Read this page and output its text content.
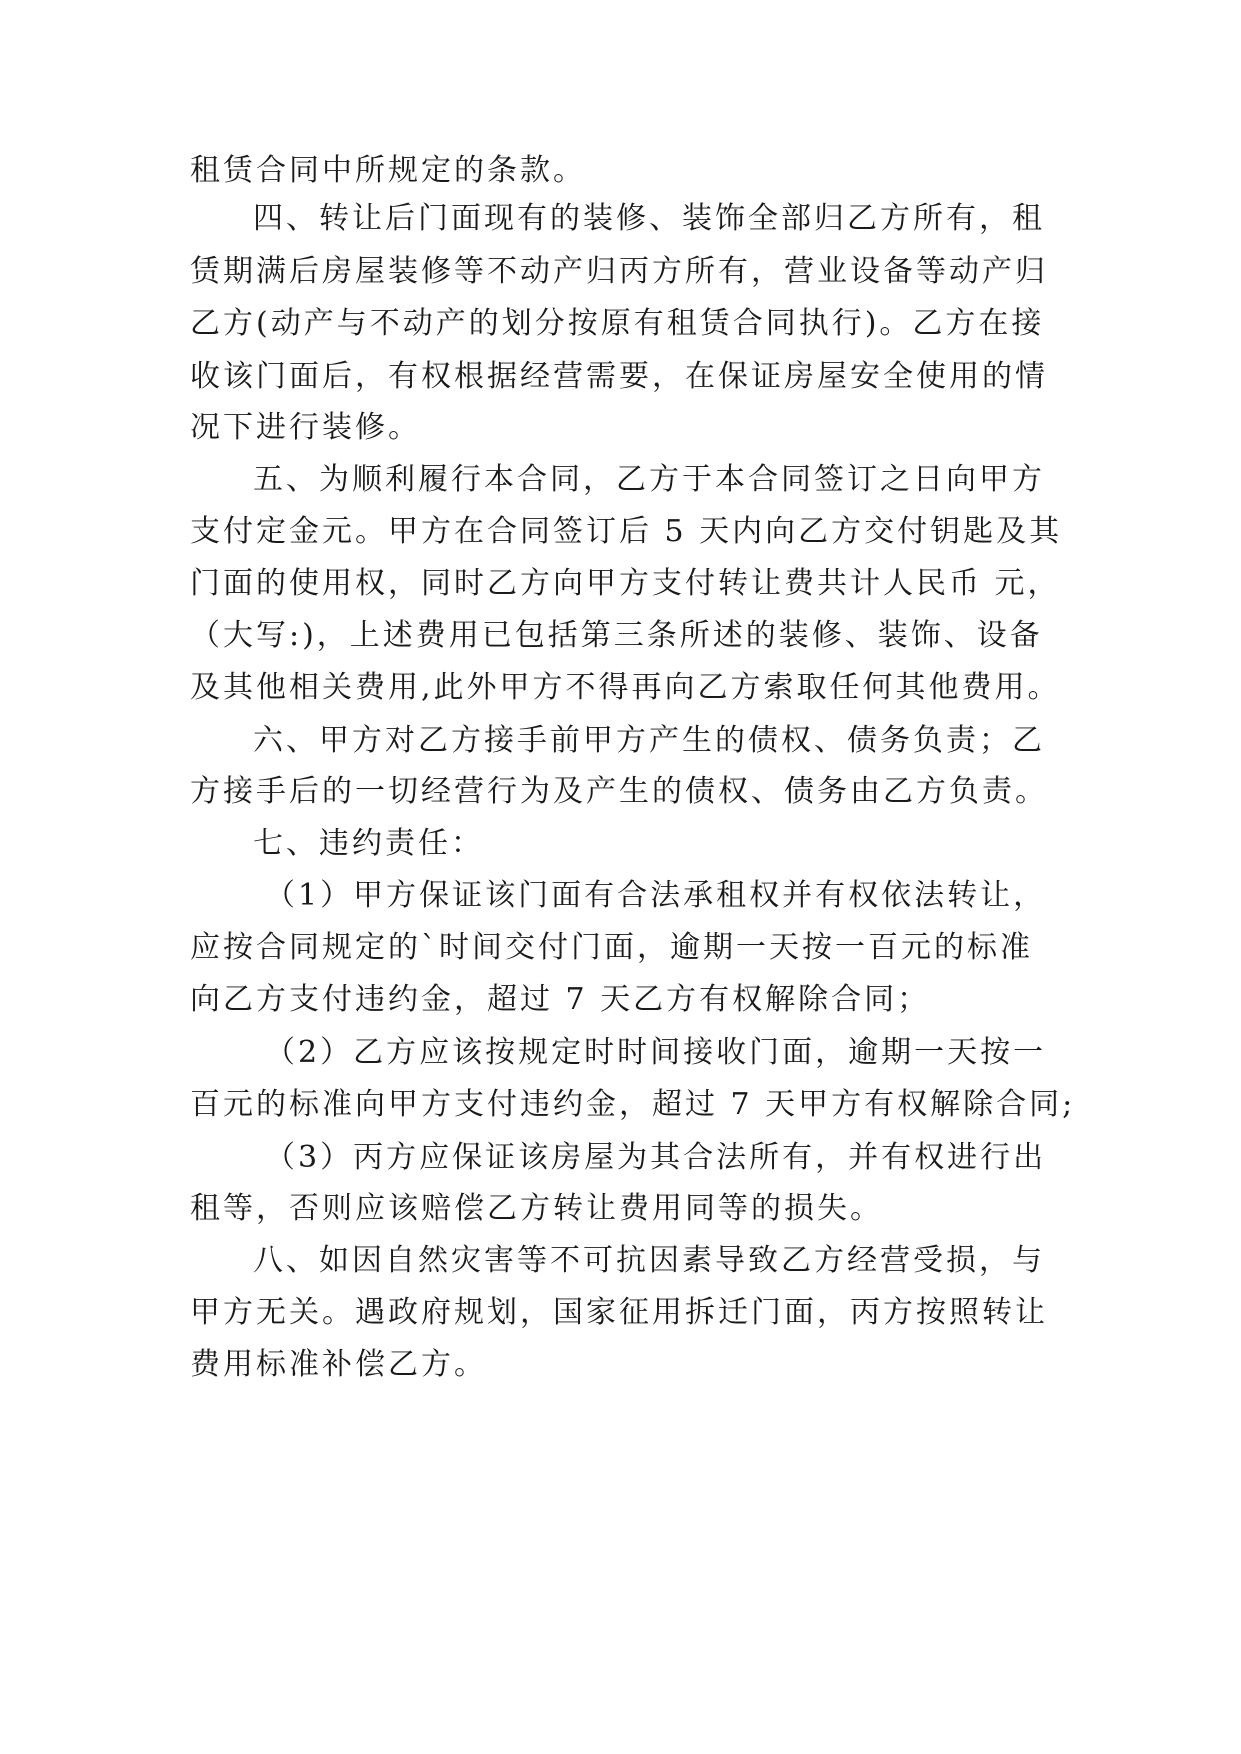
租赁合同中所规定的条款。
四、转让后门面现有的装修、装饰全部归乙方所有，租
赁期满后房屋装修等不动产归丙方所有，营业设备等动产归
乙方(动产与不动产的划分按原有租赁合同执行)。乙方在接
收该门面后，有权根据经营需要，在保证房屋安全使用的情
况下进行装修。
五、为顺利履行本合同，乙方于本合同签订之日向甲方
支付定金元。甲方在合同签订后 5 天内向乙方交付钥匙及其
门面的使用权，同时乙方向甲方支付转让费共计人民币 元，
（大写:)，上述费用已包括第三条所述的装修、装饰、设备
及其他相关费用,此外甲方不得再向乙方索取任何其他费用。
六、甲方对乙方接手前甲方产生的债权、债务负责；乙
方接手后的一切经营行为及产生的债权、债务由乙方负责。
七、违约责任：
（1）甲方保证该门面有合法承租权并有权依法转让，
应按合同规定的`时间交付门面，逾期一天按一百元的标准
向乙方支付违约金，超过 7 天乙方有权解除合同；
（2）乙方应该按规定时时间接收门面，逾期一天按一
百元的标准向甲方支付违约金，超过 7 天甲方有权解除合同;
（3）丙方应保证该房屋为其合法所有，并有权进行出
租等，否则应该赔偿乙方转让费用同等的损失。
八、如因自然灾害等不可抗因素导致乙方经营受损，与
甲方无关。遇政府规划，国家征用拆迁门面，丙方按照转让
费用标准补偿乙方。
